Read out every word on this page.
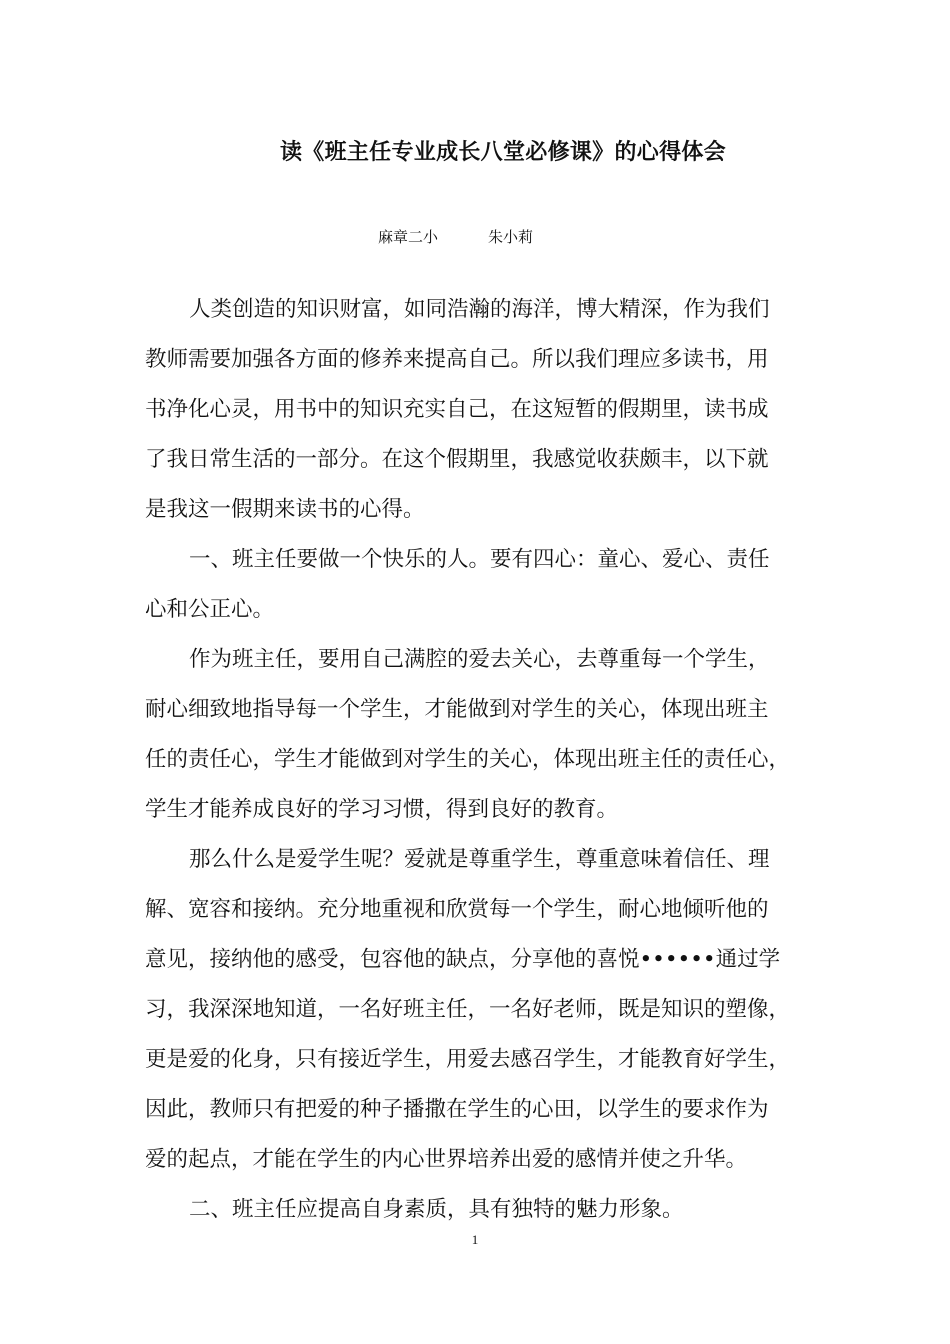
读《班主任专业成长八堂必修课》的心得体会
麻章二小	朱小莉

人类创造的知识财富，如同浩瀚的海洋，博大精深，作为我们
教师需要加强各方面的修养来提高自己。所以我们理应多读书，用
书净化心灵，用书中的知识充实自己，在这短暂的假期里，读书成
了我日常生活的一部分。在这个假期里，我感觉收获颇丰，以下就
是我这一假期来读书的心得。

一、班主任要做一个快乐的人。要有四心：童心、爱心、责任
心和公正心。

作为班主任，要用自己满腔的爱去关心，去尊重每一个学生，
耐心细致地指导每一个学生，才能做到对学生的关心，体现出班主
任的责任心，学生才能做到对学生的关心，体现出班主任的责任心，
学生才能养成良好的学习习惯，得到良好的教育。

那么什么是爱学生呢？爱就是尊重学生，尊重意味着信任、理
解、宽容和接纳。充分地重视和欣赏每一个学生，耐心地倾听他的
意见，接纳他的感受，包容他的缺点，分享他的喜悦••••••通过学
习，我深深地知道，一名好班主任，一名好老师，既是知识的塑像，
更是爱的化身，只有接近学生，用爱去感召学生，才能教育好学生，
因此，教师只有把爱的种子播撒在学生的心田，以学生的要求作为
爱的起点，才能在学生的内心世界培养出爱的感情并使之升华。

二、班主任应提高自身素质，具有独特的魅力形象。

1
